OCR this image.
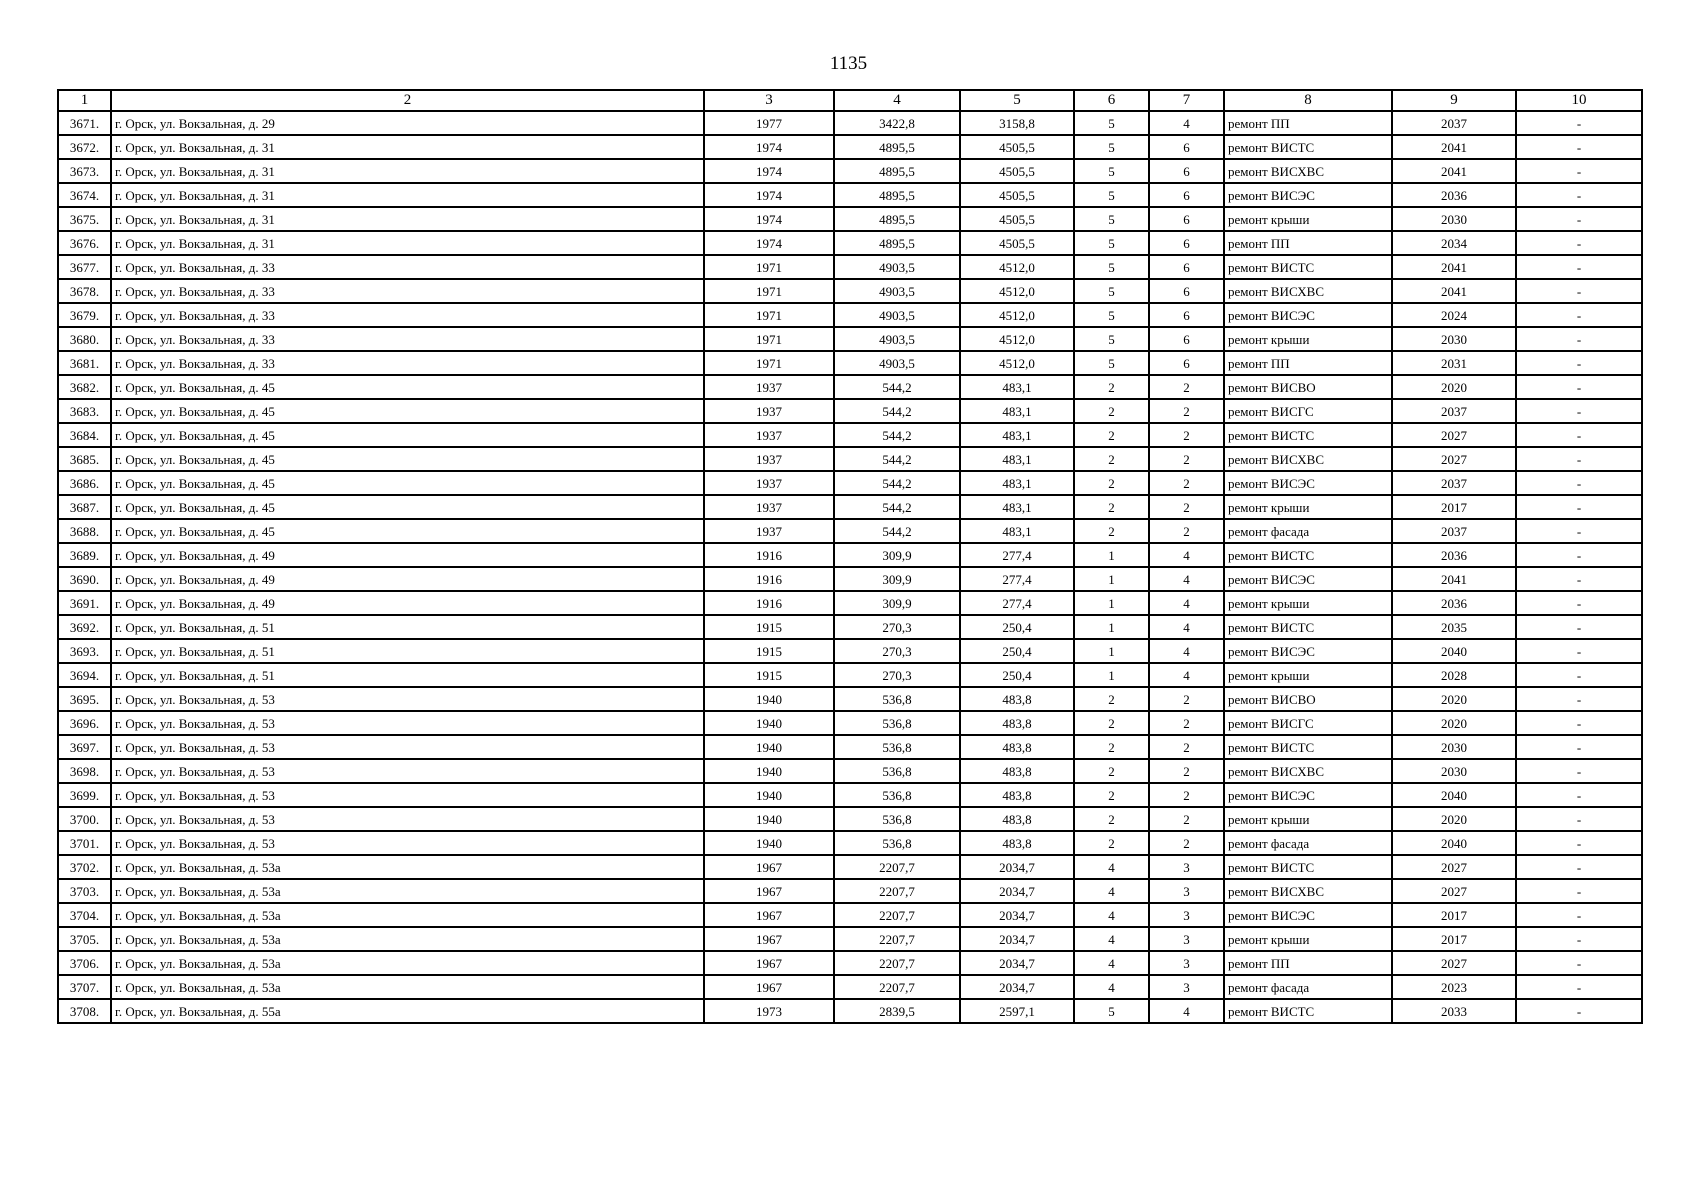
1135
1	2	3	4	5	6	7	8	9	10
3671.	г. Орск, ул. Вокзальная, д. 29	1977	3422,8	3158,8	5	4	ремонт ПП	2037	-
3672.	г. Орск, ул. Вокзальная, д. 31	1974	4895,5	4505,5	5	6	ремонт ВИСТС	2041	-
3673.	г. Орск, ул. Вокзальная, д. 31	1974	4895,5	4505,5	5	6	ремонт ВИСХВС	2041	-
3674.	г. Орск, ул. Вокзальная, д. 31	1974	4895,5	4505,5	5	6	ремонт ВИСЭС	2036	-
3675.	г. Орск, ул. Вокзальная, д. 31	1974	4895,5	4505,5	5	6	ремонт крыши	2030	-
3676.	г. Орск, ул. Вокзальная, д. 31	1974	4895,5	4505,5	5	6	ремонт ПП	2034	-
3677.	г. Орск, ул. Вокзальная, д. 33	1971	4903,5	4512,0	5	6	ремонт ВИСТС	2041	-
3678.	г. Орск, ул. Вокзальная, д. 33	1971	4903,5	4512,0	5	6	ремонт ВИСХВС	2041	-
3679.	г. Орск, ул. Вокзальная, д. 33	1971	4903,5	4512,0	5	6	ремонт ВИСЭС	2024	-
3680.	г. Орск, ул. Вокзальная, д. 33	1971	4903,5	4512,0	5	6	ремонт крыши	2030	-
3681.	г. Орск, ул. Вокзальная, д. 33	1971	4903,5	4512,0	5	6	ремонт ПП	2031	-
3682.	г. Орск, ул. Вокзальная, д. 45	1937	544,2	483,1	2	2	ремонт ВИСВО	2020	-
3683.	г. Орск, ул. Вокзальная, д. 45	1937	544,2	483,1	2	2	ремонт ВИСГС	2037	-
3684.	г. Орск, ул. Вокзальная, д. 45	1937	544,2	483,1	2	2	ремонт ВИСТС	2027	-
3685.	г. Орск, ул. Вокзальная, д. 45	1937	544,2	483,1	2	2	ремонт ВИСХВС	2027	-
3686.	г. Орск, ул. Вокзальная, д. 45	1937	544,2	483,1	2	2	ремонт ВИСЭС	2037	-
3687.	г. Орск, ул. Вокзальная, д. 45	1937	544,2	483,1	2	2	ремонт крыши	2017	-
3688.	г. Орск, ул. Вокзальная, д. 45	1937	544,2	483,1	2	2	ремонт фасада	2037	-
3689.	г. Орск, ул. Вокзальная, д. 49	1916	309,9	277,4	1	4	ремонт ВИСТС	2036	-
3690.	г. Орск, ул. Вокзальная, д. 49	1916	309,9	277,4	1	4	ремонт ВИСЭС	2041	-
3691.	г. Орск, ул. Вокзальная, д. 49	1916	309,9	277,4	1	4	ремонт крыши	2036	-
3692.	г. Орск, ул. Вокзальная, д. 51	1915	270,3	250,4	1	4	ремонт ВИСТС	2035	-
3693.	г. Орск, ул. Вокзальная, д. 51	1915	270,3	250,4	1	4	ремонт ВИСЭС	2040	-
3694.	г. Орск, ул. Вокзальная, д. 51	1915	270,3	250,4	1	4	ремонт крыши	2028	-
3695.	г. Орск, ул. Вокзальная, д. 53	1940	536,8	483,8	2	2	ремонт ВИСВО	2020	-
3696.	г. Орск, ул. Вокзальная, д. 53	1940	536,8	483,8	2	2	ремонт ВИСГС	2020	-
3697.	г. Орск, ул. Вокзальная, д. 53	1940	536,8	483,8	2	2	ремонт ВИСТС	2030	-
3698.	г. Орск, ул. Вокзальная, д. 53	1940	536,8	483,8	2	2	ремонт ВИСХВС	2030	-
3699.	г. Орск, ул. Вокзальная, д. 53	1940	536,8	483,8	2	2	ремонт ВИСЭС	2040	-
3700.	г. Орск, ул. Вокзальная, д. 53	1940	536,8	483,8	2	2	ремонт крыши	2020	-
3701.	г. Орск, ул. Вокзальная, д. 53	1940	536,8	483,8	2	2	ремонт фасада	2040	-
3702.	г. Орск, ул. Вокзальная, д. 53а	1967	2207,7	2034,7	4	3	ремонт ВИСТС	2027	-
3703.	г. Орск, ул. Вокзальная, д. 53а	1967	2207,7	2034,7	4	3	ремонт ВИСХВС	2027	-
3704.	г. Орск, ул. Вокзальная, д. 53а	1967	2207,7	2034,7	4	3	ремонт ВИСЭС	2017	-
3705.	г. Орск, ул. Вокзальная, д. 53а	1967	2207,7	2034,7	4	3	ремонт крыши	2017	-
3706.	г. Орск, ул. Вокзальная, д. 53а	1967	2207,7	2034,7	4	3	ремонт ПП	2027	-
3707.	г. Орск, ул. Вокзальная, д. 53а	1967	2207,7	2034,7	4	3	ремонт фасада	2023	-
3708.	г. Орск, ул. Вокзальная, д. 55а	1973	2839,5	2597,1	5	4	ремонт ВИСТС	2033	-
